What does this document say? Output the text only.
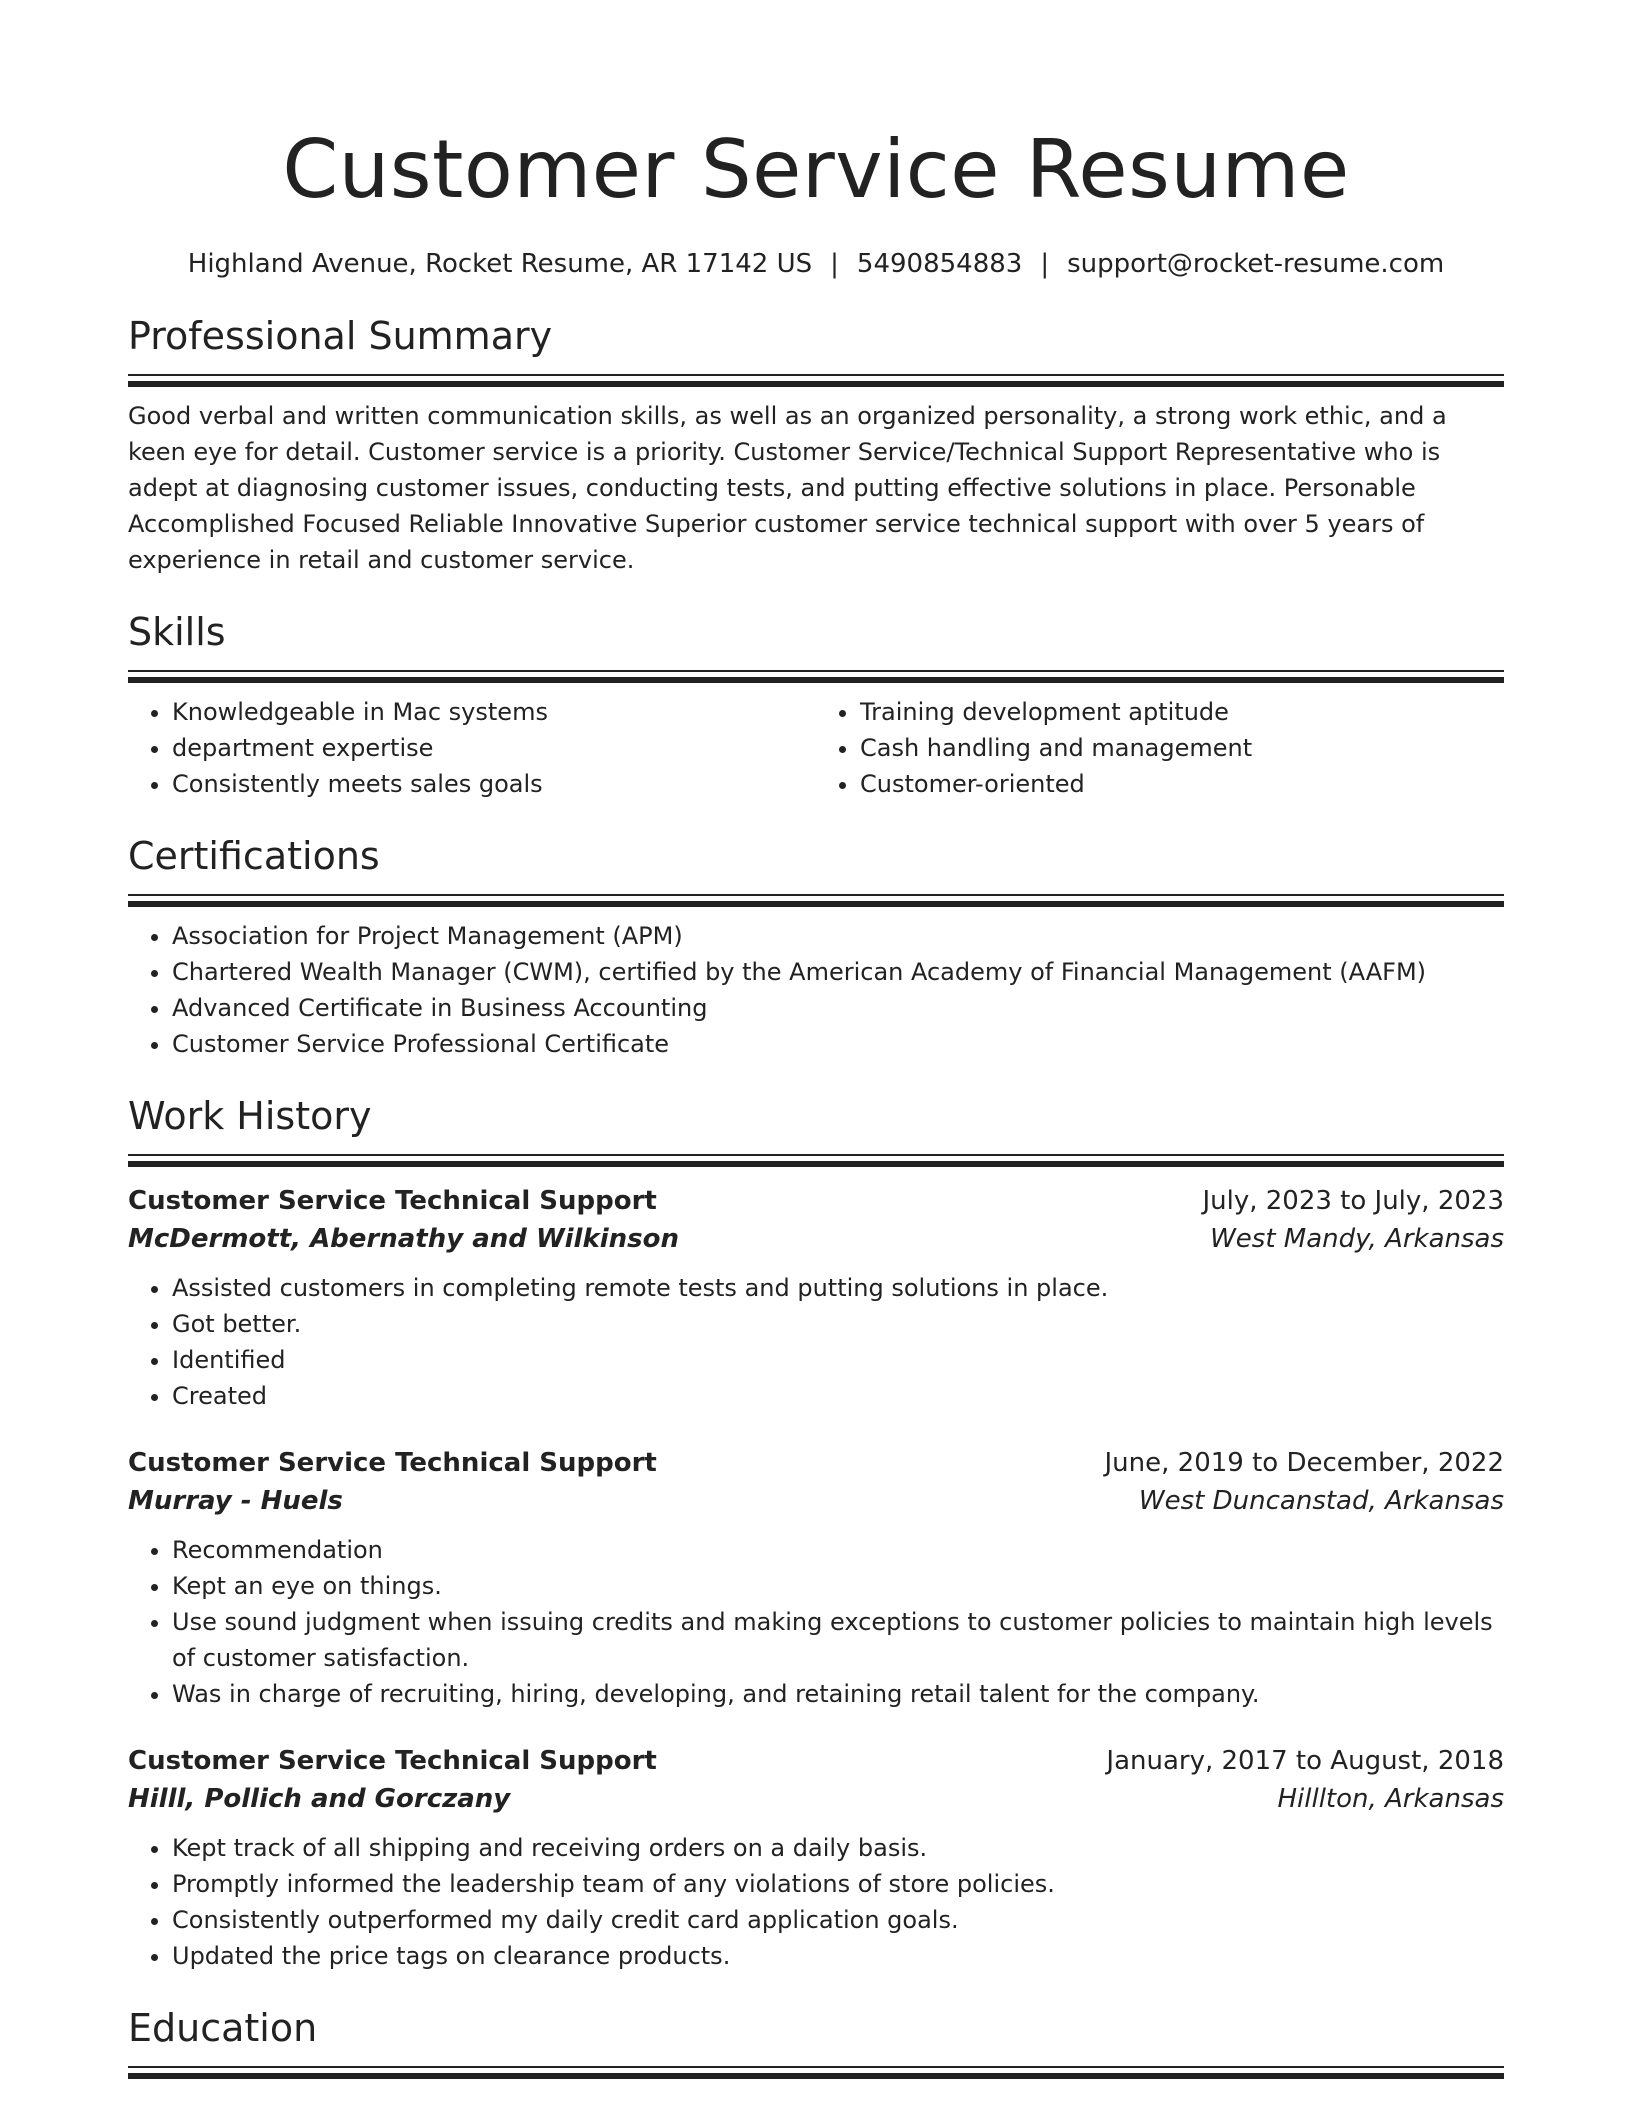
Customer Service Resume
Highland Avenue, Rocket Resume, AR 17142 US | 5490854883 | support@rocket-resume.com
Professional Summary
Good verbal and written communication skills, as well as an organized personality, a strong work ethic, and a keen eye for detail. Customer service is a priority. Customer Service/Technical Support Representative who is adept at diagnosing customer issues, conducting tests, and putting effective solutions in place. Personable Accomplished Focused Reliable Innovative Superior customer service technical support with over 5 years of experience in retail and customer service.
Skills
• Knowledgeable in Mac systems
• department expertise
• Consistently meets sales goals
• Training development aptitude
• Cash handling and management
• Customer-oriented
Certifications
• Association for Project Management (APM)
• Chartered Wealth Manager (CWM), certified by the American Academy of Financial Management (AAFM)
• Advanced Certificate in Business Accounting
• Customer Service Professional Certificate
Work History
Customer Service Technical Support	July, 2023 to July, 2023
McDermott, Abernathy and Wilkinson	West Mandy, Arkansas
• Assisted customers in completing remote tests and putting solutions in place.
• Got better.
• Identified
• Created
Customer Service Technical Support	June, 2019 to December, 2022
Murray - Huels	West Duncanstad, Arkansas
• Recommendation
• Kept an eye on things.
• Use sound judgment when issuing credits and making exceptions to customer policies to maintain high levels of customer satisfaction.
• Was in charge of recruiting, hiring, developing, and retaining retail talent for the company.
Customer Service Technical Support	January, 2017 to August, 2018
Hilll, Pollich and Gorczany	Hilllton, Arkansas
• Kept track of all shipping and receiving orders on a daily basis.
• Promptly informed the leadership team of any violations of store policies.
• Consistently outperformed my daily credit card application goals.
• Updated the price tags on clearance products.
Education
